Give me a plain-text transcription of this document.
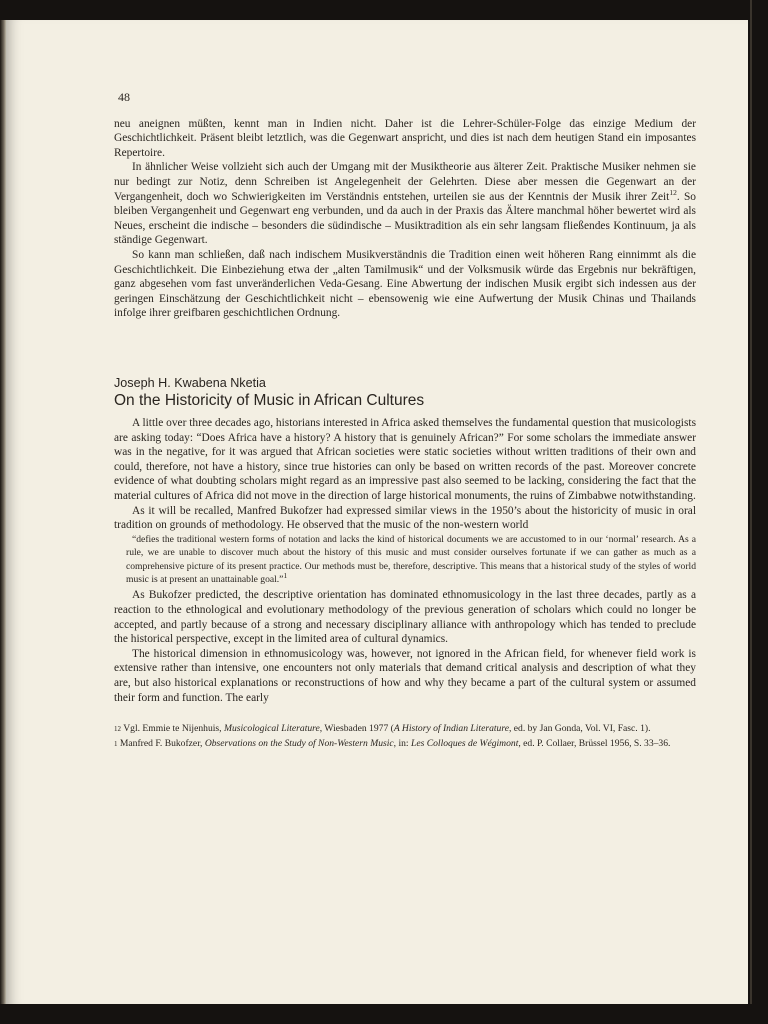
48

neu aneignen müßten, kennt man in Indien nicht. Daher ist die Lehrer-Schüler-Folge das einzige Medium der Geschichtlichkeit. Präsent bleibt letztlich, was die Gegenwart anspricht, und dies ist nach dem heutigen Stand ein imposantes Repertoire.

In ähnlicher Weise vollzieht sich auch der Umgang mit der Musiktheorie aus älterer Zeit. Praktische Musiker nehmen sie nur bedingt zur Notiz, denn Schreiben ist Angelegenheit der Gelehrten. Diese aber messen die Gegenwart an der Vergangenheit, doch wo Schwierigkeiten im Verständnis entstehen, urteilen sie aus der Kenntnis der Musik ihrer Zeit$^{12}$. So bleiben Vergangenheit und Gegenwart eng verbunden, und da auch in der Praxis das Ältere manchmal höher bewertet wird als Neues, erscheint die indische – besonders die südindische – Musiktradition als ein sehr langsam fließendes Kontinuum, ja als ständige Gegenwart.

So kann man schließen, daß nach indischem Musikverständnis die Tradition einen weit höheren Rang einnimmt als die Geschichtlichkeit. Die Einbeziehung etwa der „alten Tamilmusik“ und der Volksmusik würde das Ergebnis nur bekräftigen, ganz abgesehen vom fast unveränderlichen Veda-Gesang. Eine Abwertung der indischen Musik ergibt sich indessen aus der geringen Einschätzung der Geschichtlichkeit nicht – ebensowenig wie eine Aufwertung der Musik Chinas und Thailands infolge ihrer greifbaren geschichtlichen Ordnung.

Joseph H. Kwabena Nketia
On the Historicity of Music in African Cultures

A little over three decades ago, historians interested in Africa asked themselves the fundamental question that musicologists are asking today: “Does Africa have a history? A history that is genuinely African?” For some scholars the immediate answer was in the negative, for it was argued that African societies were static societies without written traditions of their own and could, therefore, not have a history, since true histories can only be based on written records of the past. Moreover concrete evidence of what doubting scholars might regard as an impressive past also seemed to be lacking, considering the fact that the material cultures of Africa did not move in the direction of large historical monuments, the ruins of Zimbabwe notwithstanding.

As it will be recalled, Manfred Bukofzer had expressed similar views in the 1950’s about the historicity of music in oral tradition on grounds of methodology. He observed that the music of the non-western world

“defies the traditional western forms of notation and lacks the kind of historical documents we are accustomed to in our ‘normal’ research. As a rule, we are unable to discover much about the history of this music and must consider ourselves fortunate if we can gather as much as a comprehensive picture of its present practice. Our methods must be, therefore, descriptive. This means that a historical study of the styles of world music is at present an unattainable goal.”$^1$

As Bukofzer predicted, the descriptive orientation has dominated ethnomusicology in the last three decades, partly as a reaction to the ethnological and evolutionary methodology of the previous generation of scholars which could no longer be accepted, and partly because of a strong and necessary disciplinary alliance with anthropology which has tended to preclude the historical perspective, except in the limited area of cultural dynamics.

The historical dimension in ethnomusicology was, however, not ignored in the African field, for whenever field work is extensive rather than intensive, one encounters not only materials that demand critical analysis and description of what they are, but also historical explanations or reconstructions of how and why they became a part of the cultural system or assumed their form and function. The early

$^{12}$ Vgl. Emmie te Nijenhuis, Musicological Literature, Wiesbaden 1977 (A History of Indian Literature, ed. by Jan Gonda, Vol. VI, Fasc. 1).

$^1$ Manfred F. Bukofzer, Observations on the Study of Non-Western Music, in: Les Colloques de Wégimont, ed. P. Collaer, Brüssel 1956, S. 33–36.
